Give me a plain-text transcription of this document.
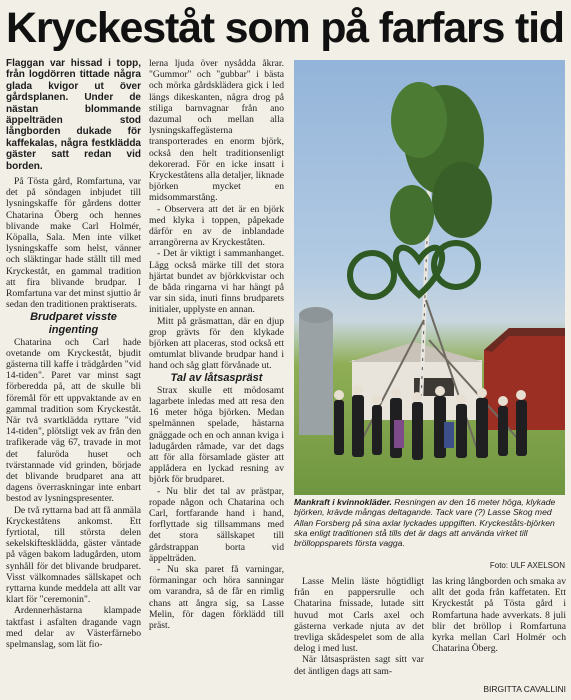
Kryckeståt som på farfars tid

Flaggan var hissad i topp, från logdörren tittade några glada kvigor ut över gårdsplanen. Under de nästan blommande äppelträden stod långborden dukade för kaffekalas, några festklädda gäster satt redan vid borden.

På Tösta gård, Romfartuna, var det på söndagen inbjudet till lysningskaffe för gårdens dotter Chatarina Öberg och hennes blivande make Carl Holmér, Köpalla, Sala. Men inte vilket lysningskaffe som helst, vänner och släktingar hade ställt till med Kryckeståt, en gammal tradition att fira blivande brudpar. I Romfartuna var det minst sjuttio år sedan den traditionen praktiserats.

Brudparet visste ingenting

Chatarina och Carl hade ovetande om Kryckeståt, bjudit gästerna till kaffe i trädgården "vid 14-tiden". Paret var minst sagt förberedda på, att de skulle bli föremål för ett uppvaktande av en gammal tradition som Kryckeståt. När två svartklädda ryttare "vid 14-tiden", plötsligt vek av från den trafikerade väg 67, travade in mot det faluröda huset och tvärstannade vid grinden, började det blivande brudparet ana att dagens överraskningar inte enbart bestod av lysningspresenter.

De två ryttarna bad att få anmäla Kryckeståtens ankomst. Ett fyrtiotal, till största delen sekelskiftesklädda, gäster väntade på vägen bakom ladugården, utom synhåll för det blivande brudparet. Visst välkomnades sällskapet och ryttarna kunde meddela att allt var klart för "ceremonin".

Ardennerhästarna klampade taktfast i asfalten dragande vagn med delar av Västerfärnebo spelmanslag, som lät fio-

lerna ljuda över nysådda åkrar. "Gummor" och "gubbar" i bästa och mörka gårdsklädera gick i led längs dikeskanten, några drog på stiliga barnvagnar från ano dazumal och mellan alla lysningskaffegästerna transporterades en enorm björk, också den helt traditionsenligt dekorerad. För en icke insatt i Kryckeståtens alla detaljer, liknade björken mycket en midsommarstång.

- Observera att det är en björk med klyka i toppen, påpekade därför en av de inblandade arrangörerna av Kryckeståten.

- Det är viktigt i sammanhanget. Lägg också märke till det stora hjärtat bundet av björkkvistar och de båda ringarna vi har hängt på var sin sida, inuti finns brudparets initialer, upplyste en annan.

Mitt på gräsmattan, där en djup grop grävts för den klykade björken att placeras, stod också ett omtumlat blivande brudpar hand i hand och såg glatt förvånade ut.

Tal av låtsaspräst

Strax skulle ett mödosamt lagarbete inledas med att resa den 16 meter höga björken. Medan spelmännen spelade, hästarna gnäggade och en och annan kviga i ladugården råmade, var det dags att för alla församlade gäster att applådera en lyckad resning av björk för brudparet.

- Nu blir det tal av prästpar, ropade någon och Chatarina och Carl, fortfarande hand i hand, forflyttade sig tillsammans med det stora sällskapet till gårdstrappan borta vid äppelträden.

- Nu ska paret få varningar, förmaningar och höra sanningar om varandra, så de får en rimlig chans att ångra sig, sa Lasse Melin, för dagen förklädd till präst.

Mankraft i kvinnokläder. Resningen av den 16 meter höga, klykade björken, krävde mångas deltagande. Tack vare (?) Lasse Skog med Allan Forsberg på sina axlar lyckades uppgiften. Kryckeståts-björken ska enligt traditionen stå tills det är dags att använda virket till brölloppsparets första vagga.
Foto: ULF AXELSON

Lasse Melin läste högtidligt från en pappersrulle och Chatarina fnissade, lutade sitt huvud mot Carls axel och gästerna verkade njuta av det trevliga skådespelet som de alla delog i med lust.

När låtsasprästen sagt sitt var det äntligen dags att sam-

las kring långborden och smaka av allt det goda från kaffetaten. Ett Kryckeståt på Tösta gård i Romfartuna hade avverkats. 8 juli blir det bröllop i Romfartuna kyrka mellan Carl Holmér och Chatarina Öberg.

BIRGITTA CAVALLINI
